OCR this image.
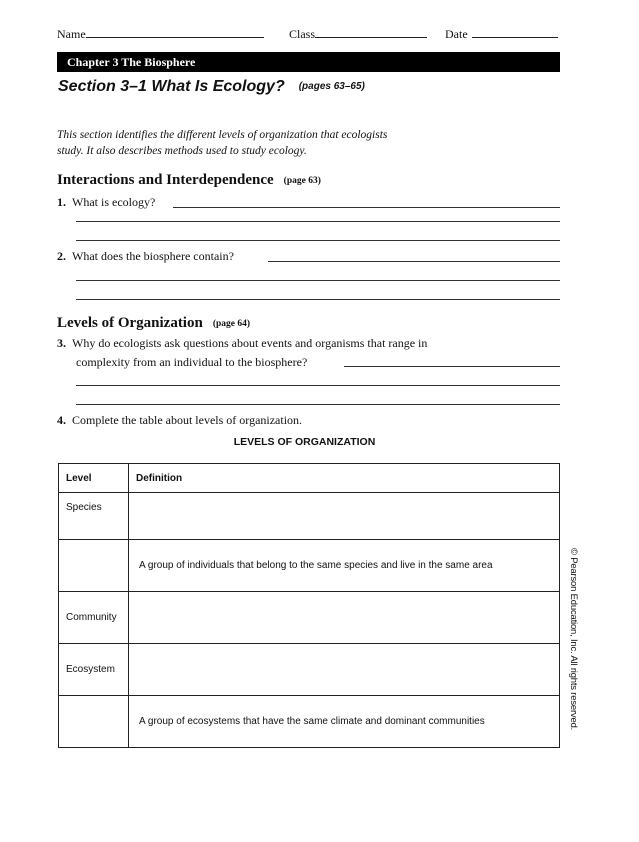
Name	Class	Date
Chapter 3 The Biosphere
Section 3–1 What Is Ecology? (pages 63–65)
This section identifies the different levels of organization that ecologists
study. It also describes methods used to study ecology.
Interactions and Interdependence (page 63)
1. What is ecology?
2. What does the biosphere contain?
Levels of Organization (page 64)
3. Why do ecologists ask questions about events and organisms that range in
complexity from an individual to the biosphere?
4. Complete the table about levels of organization.
LEVELS OF ORGANIZATION
Level	Definition
Species	
	A group of individuals that belong to the same species and live in the same area
Community	
Ecosystem	
	A group of ecosystems that have the same climate and dominant communities	© Pearson Education, Inc. All rights reserved.
